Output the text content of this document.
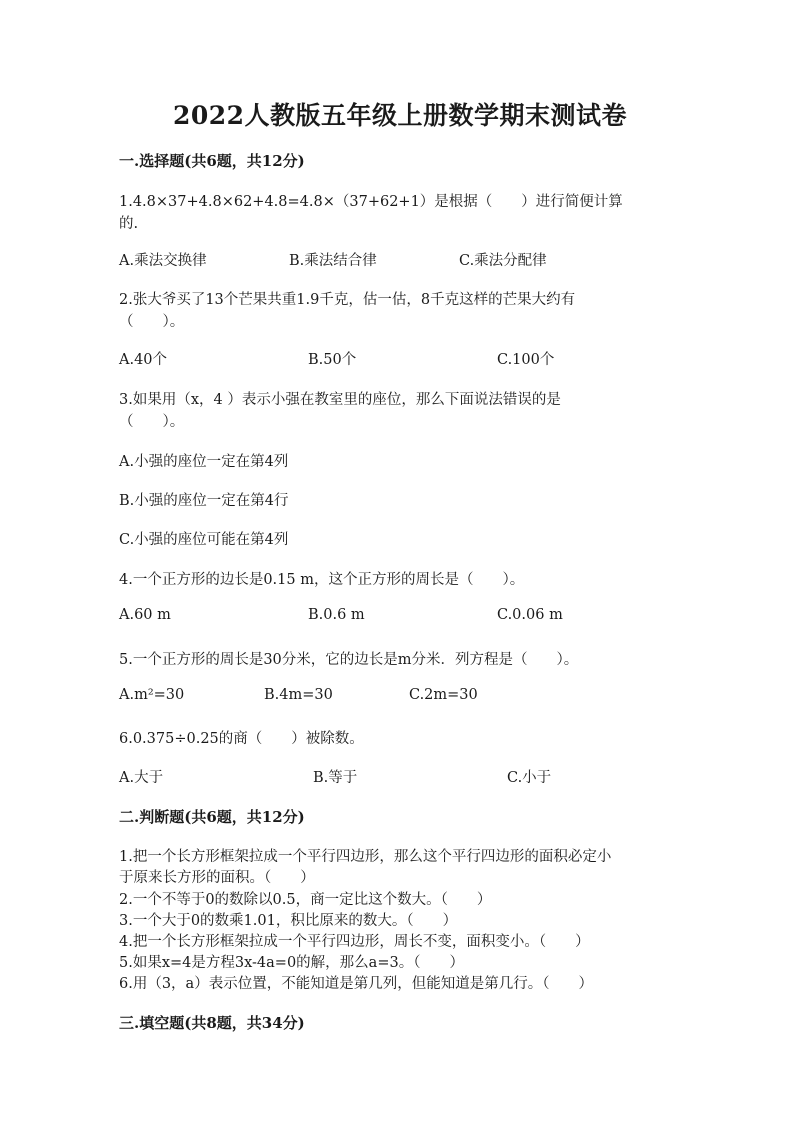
2022人教版五年级上册数学期末测试卷
一.选择题(共6题，共12分)
1.4.8×37+4.8×62+4.8=4.8×（37+62+1）是根据（　　）进行简便计算
的.
A.乘法交换律	B.乘法结合律	C.乘法分配律
2.张大爷买了13个芒果共重1.9千克，估一估，8千克这样的芒果大约有
（　　）。
A.40个	B.50个	C.100个
3.如果用（x，4 ）表示小强在教室里的座位，那么下面说法错误的是
（　　）。
A.小强的座位一定在第4列
B.小强的座位一定在第4行
C.小强的座位可能在第4列
4.一个正方形的边长是0.15 m，这个正方形的周长是（　　）。
A.60 m	B.0.6 m	C.0.06 m
5.一个正方形的周长是30分米，它的边长是m分米．列方程是（　　）。
A.m²=30	B.4m=30	C.2m=30
6.0.375÷0.25的商（　　）被除数。
A.大于	B.等于	C.小于
二.判断题(共6题，共12分)
1.把一个长方形框架拉成一个平行四边形，那么这个平行四边形的面积必定小
于原来长方形的面积。（　　）
2.一个不等于0的数除以0.5，商一定比这个数大。（　　）
3.一个大于0的数乘1.01，积比原来的数大。（　　）
4.把一个长方形框架拉成一个平行四边形，周长不变，面积变小。（　　）
5.如果x=4是方程3x-4a=0的解，那么a=3。（　　）
6.用（3，a）表示位置，不能知道是第几列，但能知道是第几行。（　　）
三.填空题(共8题，共34分)
